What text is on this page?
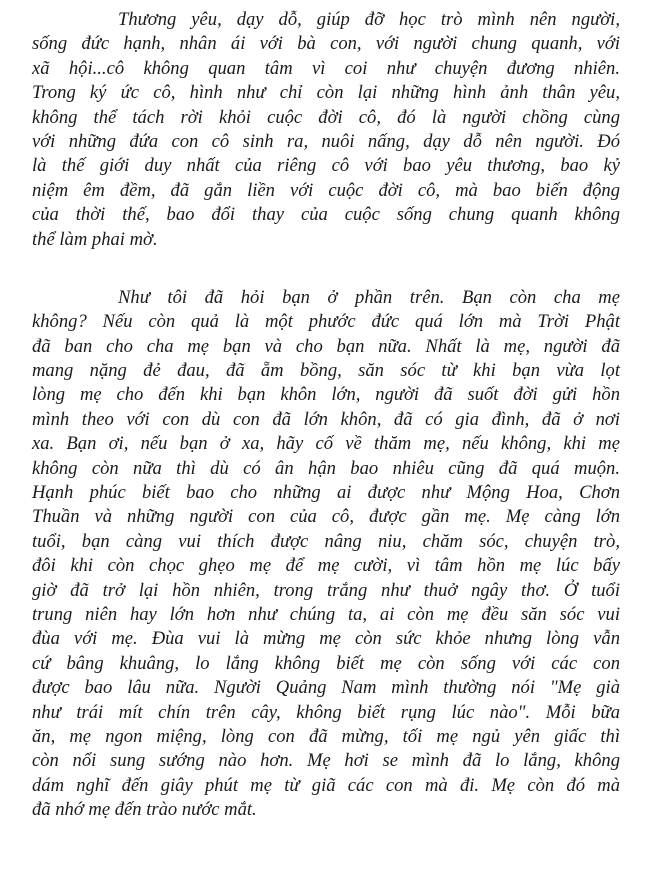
Thương yêu, dạy dỗ, giúp đỡ học trò mình nên người,
sống đức hạnh, nhân ái với bà con, với người chung quanh, với
xã hội...cô không quan tâm vì coi như chuyện đương nhiên.
Trong ký ức cô, hình như chỉ còn lại những hình ảnh thân yêu,
không thể tách rời khỏi cuộc đời cô, đó là người chồng cùng
với những đứa con cô sinh ra, nuôi nấng, dạy dỗ nên người. Đó
là thế giới duy nhất của riêng cô với bao yêu thương, bao kỷ
niệm êm đềm, đã gắn liền với cuộc đời cô, mà bao biến động
của thời thế, bao đổi thay của cuộc sống chung quanh không
thể làm phai mờ.
Như tôi đã hỏi bạn ở phần trên. Bạn còn cha mẹ
không? Nếu còn quả là một phước đức quá lớn mà Trời Phật
đã ban cho cha mẹ bạn và cho bạn nữa. Nhất là mẹ, người đã
mang nặng đẻ đau, đã ẵm bồng, săn sóc từ khi bạn vừa lọt
lòng mẹ cho đến khi bạn khôn lớn, người đã suốt đời gửi hồn
mình theo với con dù con đã lớn khôn, đã có gia đình, đã ở nơi
xa. Bạn ơi, nếu bạn ở xa, hãy cố về thăm mẹ, nếu không, khi mẹ
không còn nữa thì dù có ân hận bao nhiêu cũng đã quá muộn.
Hạnh phúc biết bao cho những ai được như Mộng Hoa, Chơn
Thuần và những người con của cô, được gần mẹ. Mẹ càng lớn
tuổi, bạn càng vui thích được nâng niu, chăm sóc, chuyện trò,
đôi khi còn chọc ghẹo mẹ để mẹ cười, vì tâm hồn mẹ lúc bấy
giờ đã trở lại hồn nhiên, trong trắng như thuở ngây thơ. Ở tuổi
trung niên hay lớn hơn như chúng ta, ai còn mẹ đều săn sóc vui
đùa với mẹ. Đùa vui là mừng mẹ còn sức khỏe nhưng lòng vẫn
cứ bâng khuâng, lo lắng không biết mẹ còn sống với các con
được bao lâu nữa. Người Quảng Nam mình thường nói "Mẹ già
như trái mít chín trên cây, không biết rụng lúc nào". Mỗi bữa
ăn, mẹ ngon miệng, lòng con đã mừng, tối mẹ ngủ yên giấc thì
còn nổi sung sướng nào hơn. Mẹ hơi se mình đã lo lắng, không
dám nghĩ đến giây phút mẹ từ giã các con mà đi. Mẹ còn đó mà
đã nhớ mẹ đến trào nước mắt.
